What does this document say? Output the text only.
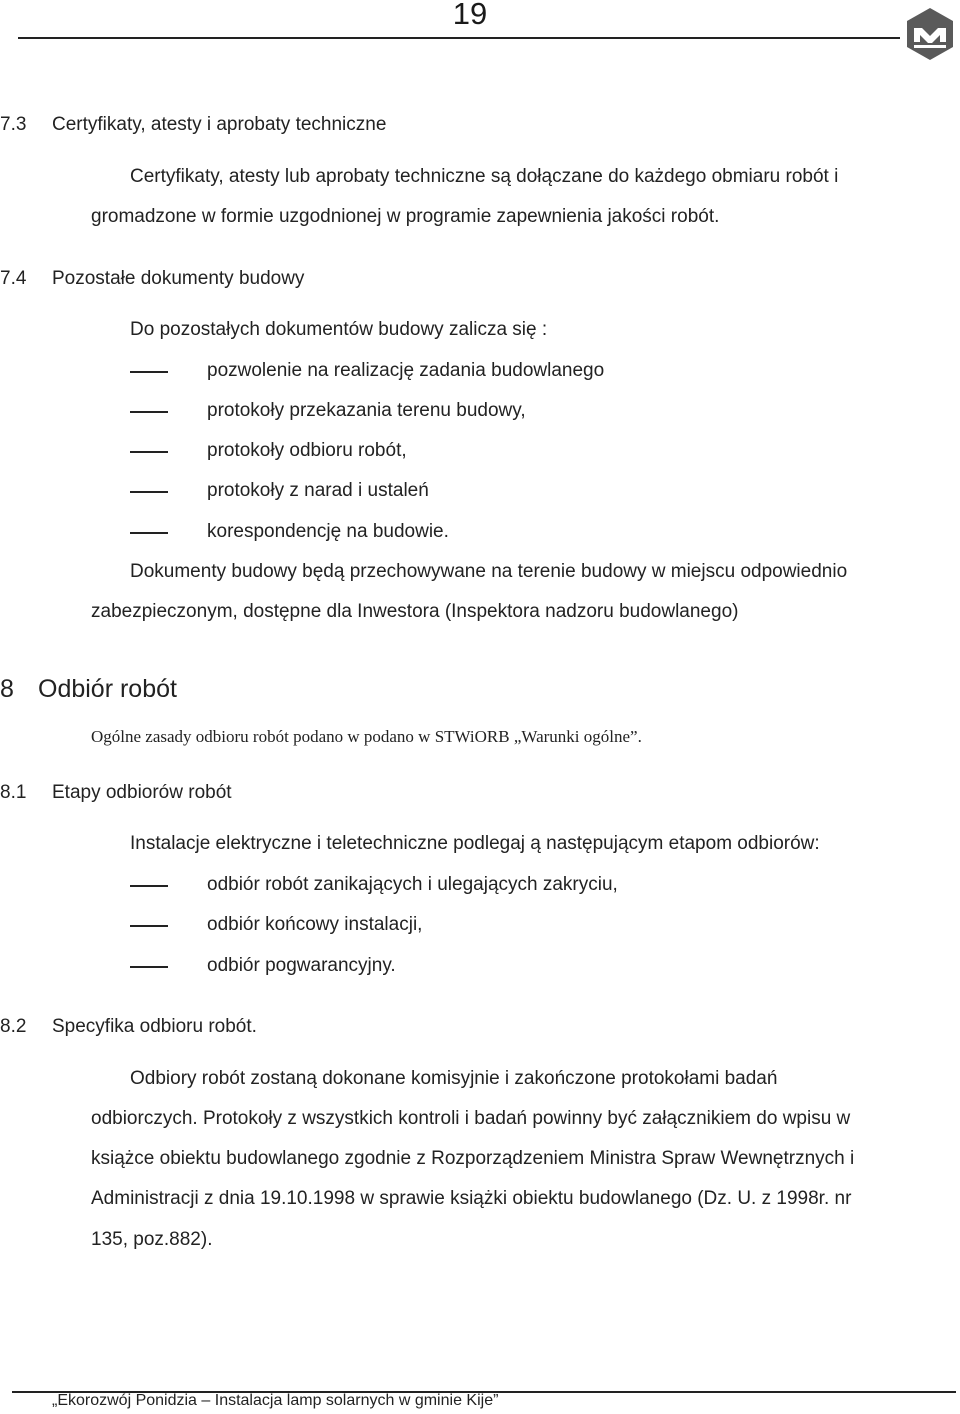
19
7.3 Certyfikaty, atesty i aprobaty techniczne
Certyfikaty, atesty lub aprobaty techniczne są dołączane do każdego obmiaru robót i
gromadzone w formie uzgodnionej w programie zapewnienia jakości robót.
7.4 Pozostałe dokumenty budowy
Do pozostałych dokumentów budowy zalicza się :
pozwolenie na realizację zadania budowlanego
protokoły przekazania terenu budowy,
protokoły odbioru robót,
protokoły z narad i ustaleń
korespondencję na budowie.
Dokumenty budowy będą przechowywane na terenie budowy w miejscu odpowiednio
zabezpieczonym, dostępne dla Inwestora (Inspektora nadzoru budowlanego)
8 Odbiór robót
Ogólne zasady odbioru robót podano w podano w STWiORB „Warunki ogólne”.
8.1 Etapy odbiorów robót
Instalacje elektryczne i teletechniczne podlegaj ą następującym etapom odbiorów:
odbiór robót zanikających i ulegających zakryciu,
odbiór końcowy instalacji,
odbiór pogwarancyjny.
8.2 Specyfika odbioru robót.
Odbiory robót zostaną dokonane komisyjnie i zakończone protokołami badań
odbiorczych. Protokoły z wszystkich kontroli i badań powinny być załącznikiem do wpisu w
książce obiektu budowlanego zgodnie z Rozporządzeniem Ministra Spraw Wewnętrznych i
Administracji z dnia 19.10.1998 w sprawie książki obiektu budowlanego (Dz. U. z 1998r. nr
135, poz.882).
„Ekorozwój Ponidzia – Instalacja lamp solarnych w gminie Kije”
